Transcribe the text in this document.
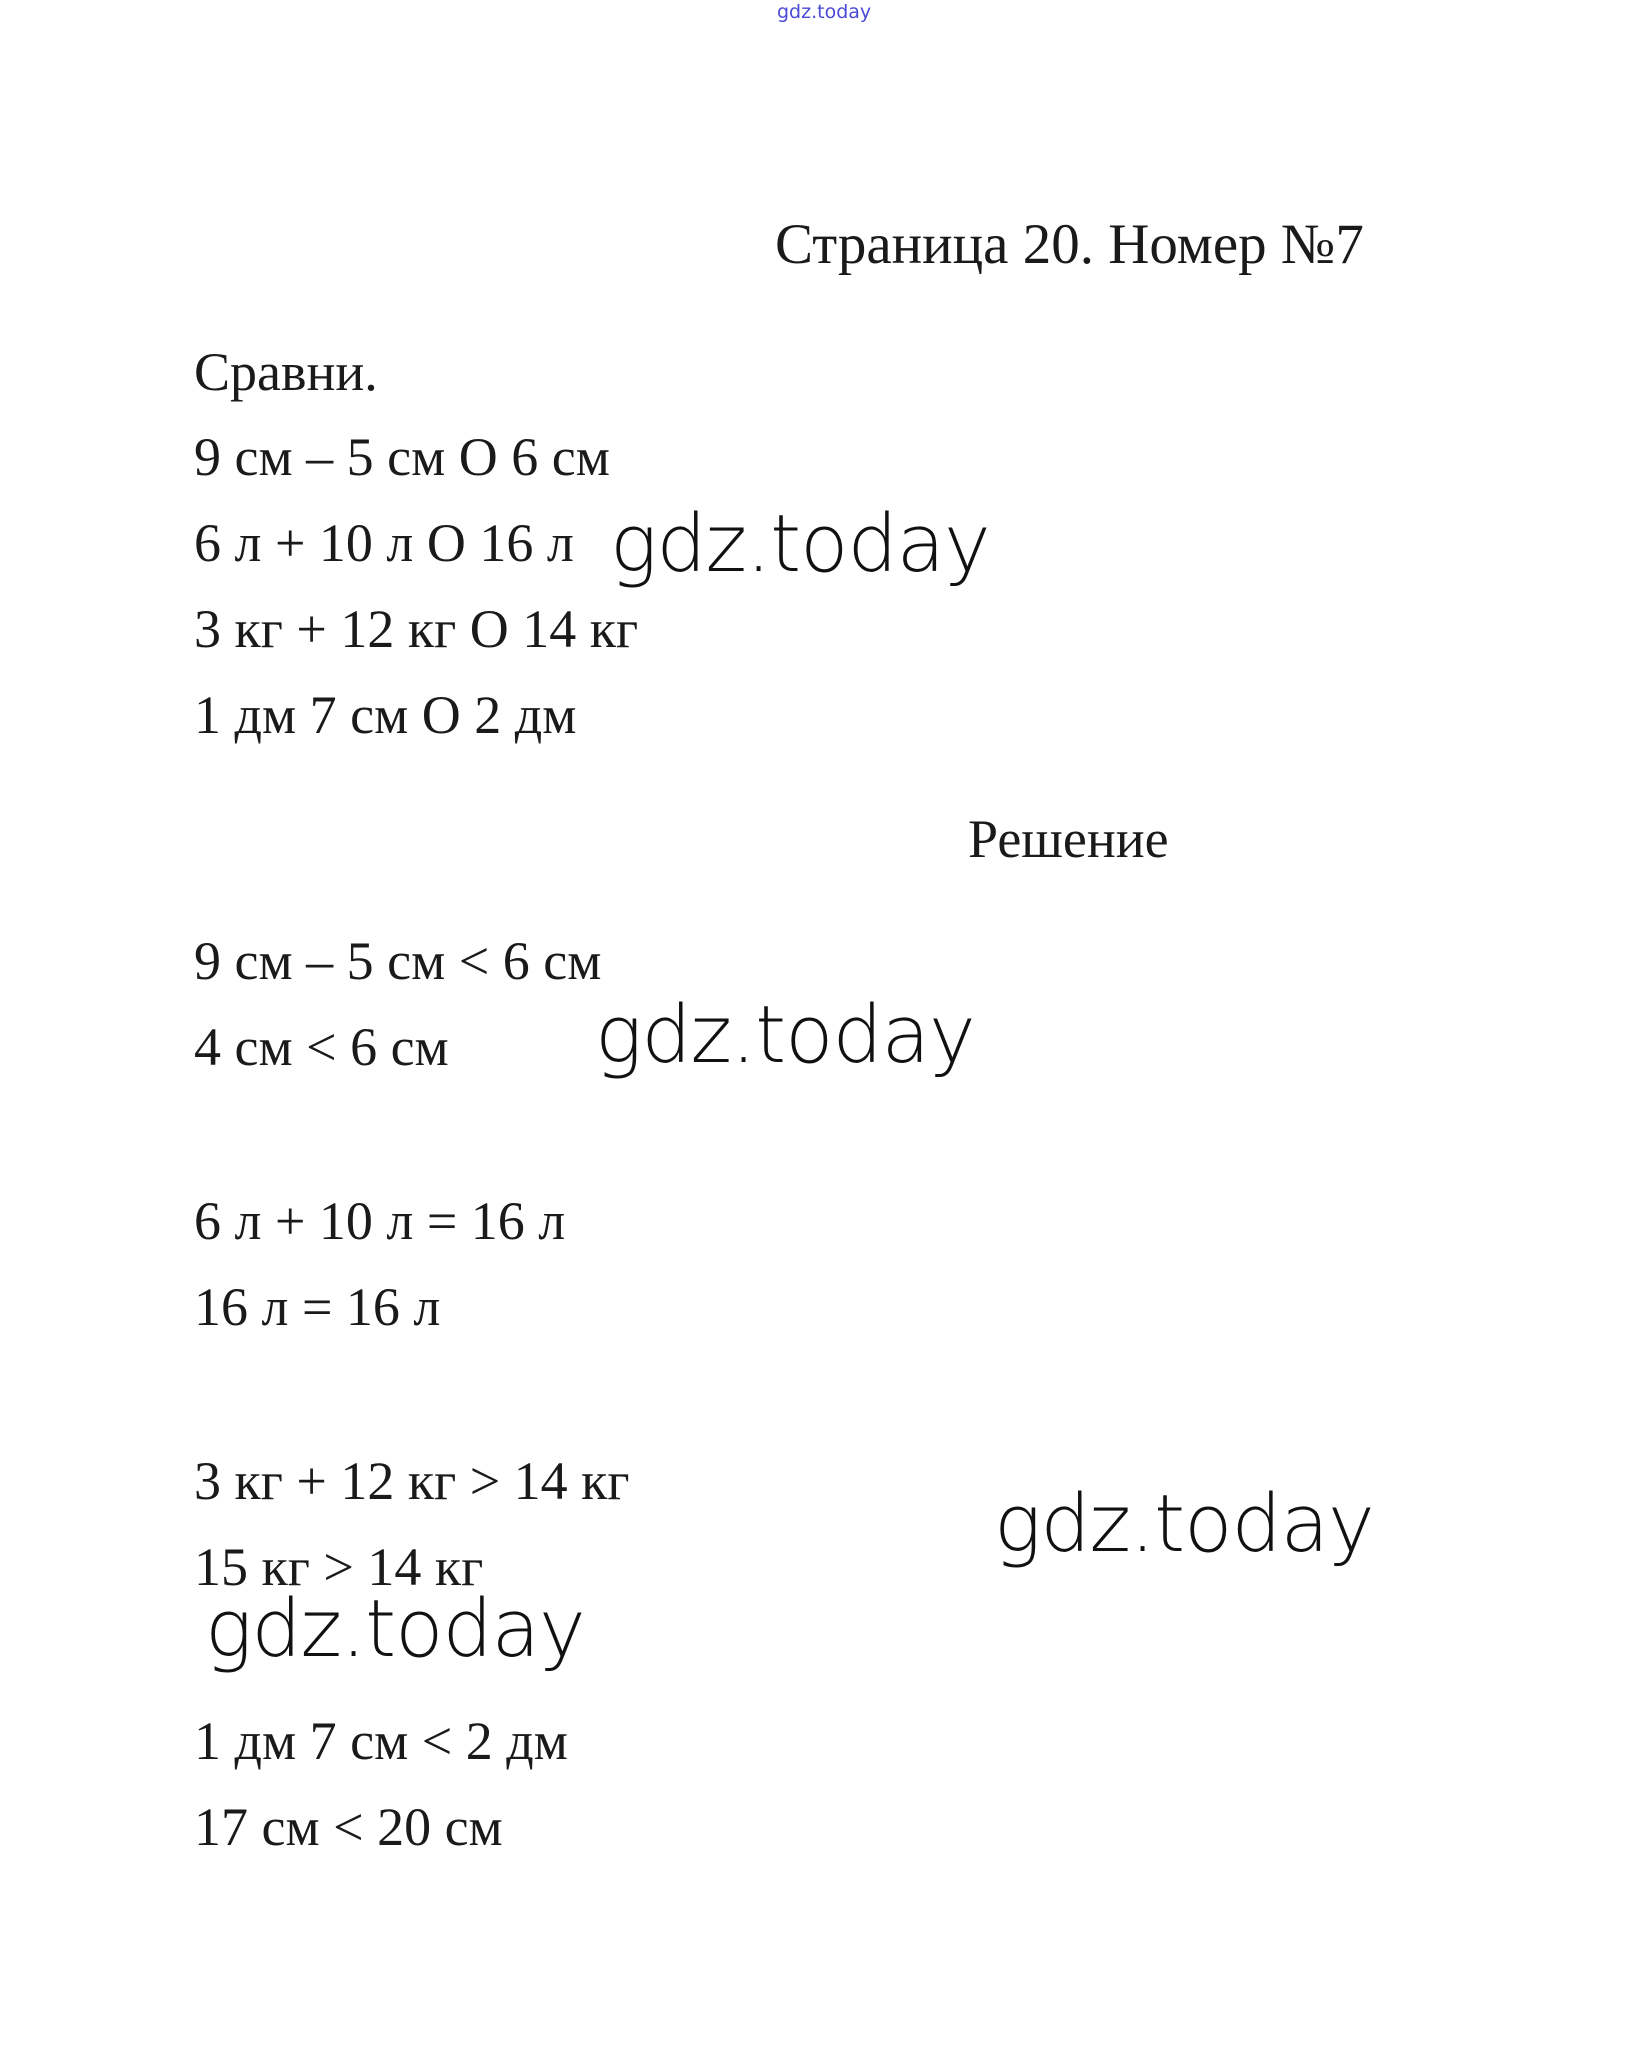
gdz.today
Страница 20. Номер №7
Сравни.
9 см – 5 см О 6 см
6 л + 10 л О 16 л
3 кг + 12 кг О 14 кг
1 дм 7 см О 2 дм
Решение
9 см – 5 см < 6 см
4 см < 6 см
6 л + 10 л = 16 л
16 л = 16 л
3 кг + 12 кг > 14 кг
15 кг > 14 кг
1 дм 7 см < 2 дм
17 см < 20 см
gdz.today
gdz.today
gdz.today
gdz.today
